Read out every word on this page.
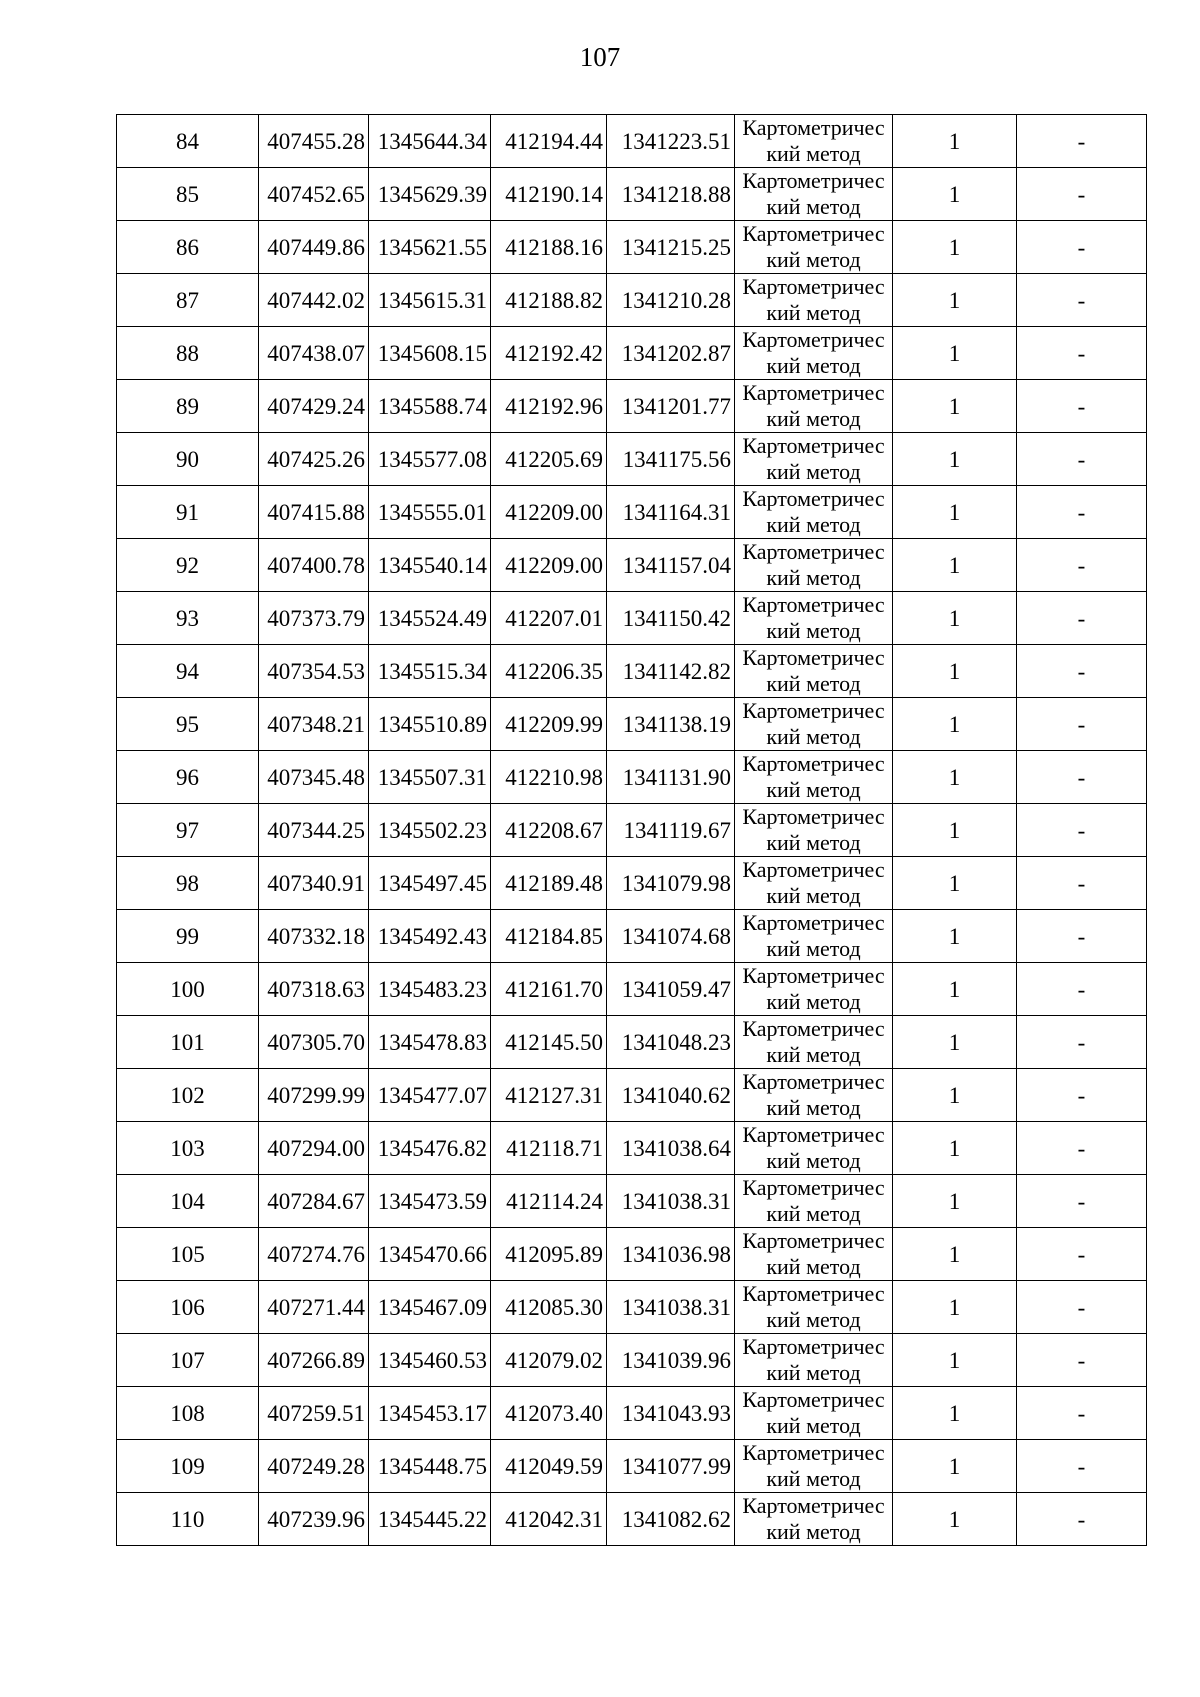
107
84	407455.28	1345644.34	412194.44	1341223.51	Картометричес
кий метод	1	-
85	407452.65	1345629.39	412190.14	1341218.88	Картометричес
кий метод	1	-
86	407449.86	1345621.55	412188.16	1341215.25	Картометричес
кий метод	1	-
87	407442.02	1345615.31	412188.82	1341210.28	Картометричес
кий метод	1	-
88	407438.07	1345608.15	412192.42	1341202.87	Картометричес
кий метод	1	-
89	407429.24	1345588.74	412192.96	1341201.77	Картометричес
кий метод	1	-
90	407425.26	1345577.08	412205.69	1341175.56	Картометричес
кий метод	1	-
91	407415.88	1345555.01	412209.00	1341164.31	Картометричес
кий метод	1	-
92	407400.78	1345540.14	412209.00	1341157.04	Картометричес
кий метод	1	-
93	407373.79	1345524.49	412207.01	1341150.42	Картометричес
кий метод	1	-
94	407354.53	1345515.34	412206.35	1341142.82	Картометричес
кий метод	1	-
95	407348.21	1345510.89	412209.99	1341138.19	Картометричес
кий метод	1	-
96	407345.48	1345507.31	412210.98	1341131.90	Картометричес
кий метод	1	-
97	407344.25	1345502.23	412208.67	1341119.67	Картометричес
кий метод	1	-
98	407340.91	1345497.45	412189.48	1341079.98	Картометричес
кий метод	1	-
99	407332.18	1345492.43	412184.85	1341074.68	Картометричес
кий метод	1	-
100	407318.63	1345483.23	412161.70	1341059.47	Картометричес
кий метод	1	-
101	407305.70	1345478.83	412145.50	1341048.23	Картометричес
кий метод	1	-
102	407299.99	1345477.07	412127.31	1341040.62	Картометричес
кий метод	1	-
103	407294.00	1345476.82	412118.71	1341038.64	Картометричес
кий метод	1	-
104	407284.67	1345473.59	412114.24	1341038.31	Картометричес
кий метод	1	-
105	407274.76	1345470.66	412095.89	1341036.98	Картометричес
кий метод	1	-
106	407271.44	1345467.09	412085.30	1341038.31	Картометричес
кий метод	1	-
107	407266.89	1345460.53	412079.02	1341039.96	Картометричес
кий метод	1	-
108	407259.51	1345453.17	412073.40	1341043.93	Картометричес
кий метод	1	-
109	407249.28	1345448.75	412049.59	1341077.99	Картометричес
кий метод	1	-
110	407239.96	1345445.22	412042.31	1341082.62	Картометричес
кий метод	1	-
